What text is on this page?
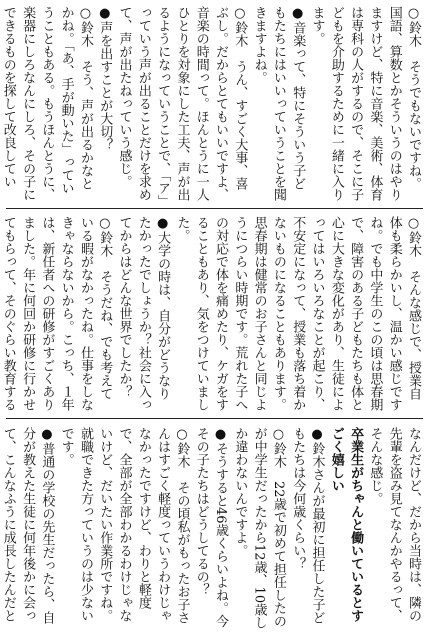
○鈴木　そうでもないですね。国語、算数とかそういうのはやりますけど、特に音楽、美術、体育は専科の人がするので、そこに子どもを介助するために一緒に入ります。

●音楽って、特にそういう子どもたちにはいいっていうことを聞きますよね。

○鈴木　うん、すごく大事、喜ぶし。だからとてもいいですよ、音楽の時間って。ほんとうに一人ひとりを対象にした工夫、声が出るようになっていうことで、「ア」っていう声が出ることだけを求めて、声が出たねっていう感じ。

●声を出すことが大切？

○鈴木　そう、声が出るかなとかね。「あ、手が動いた」っていうこともある。もうほんとうに、楽器にしろなんにしろ、その子にできるものを探して改良してい

○鈴木　そんな感じで、授業自体も柔らかいし、温かい感じですね。でも中学生のこの頃は思春期で、障害のある子どもたちも体と心に大きな変化があり、生徒によってはいろいろなことが起こり、不安定になって、授業も落ち着かないものになることもあります。思春期は健常のお子さんと同じようにつらい時期です。荒れた子への対応で体を痛めたり、ケガをすることもあり、気をつけていました。

●大学の時は、自分がどうなりたかったでしょうか？社会に入ってからはどんな世界でしたか？

○鈴木　そうだね、でも考えている暇がなかったね。仕事をしなきゃならないから。こっち、１年は、新任者への研修がすごくありました。年に何回か研修に行かせてもらって、そのぐらい教育する

なんだけど、だから当時は、隣の先輩を盗み見てなんかやるって、そんな感じ。

卒業生がちゃんと働いているとすごく嬉しい

●鈴木さんが最初に担任した子どもたちは今何歳くらい？

○鈴木　22歳で初めて担任したのが中学生だったから12歳、10歳しか違わないんですよ。

●そうすると46歳くらいよね。今その子たちはどうしてるの？

○鈴木　その頃私がもったお子さんはすごく軽度っていうわけじゃなかったですけど、わりと軽度で、全部が全部わかるわけじゃないけど、だいたい作業所ですね。就職できた方っていうのは少ないです。

●普通の学校の先生だったら、自分が教えた生徒に何年後かに会って、こんなふうに成長したんだと　
